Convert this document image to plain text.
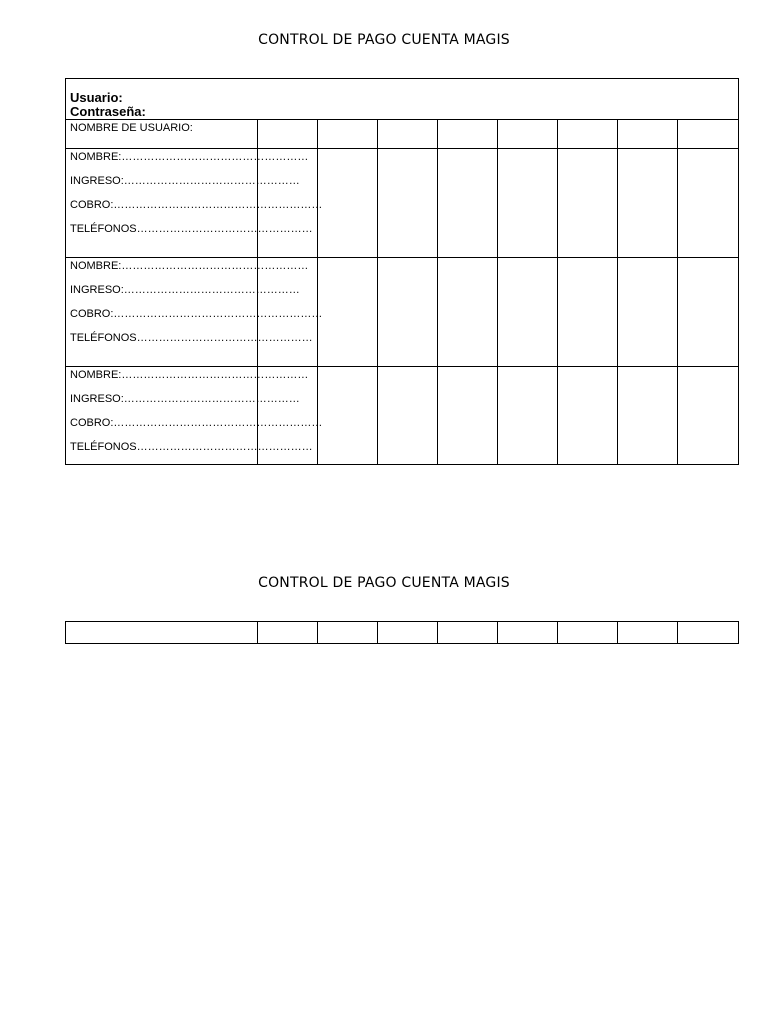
CONTROL DE PAGO CUENTA MAGIS
Usuario:
Contraseña:								

NOMBRE DE USUARIO:								

NOMBRE:……………………………………………
INGRESO:…………………………………………
COBRO:…………………………………………………
TELÉFONOS…………………………………………								

NOMBRE:……………………………………………
INGRESO:…………………………………………
COBRO:…………………………………………………
TELÉFONOS…………………………………………								

NOMBRE:……………………………………………
INGRESO:…………………………………………
COBRO:…………………………………………………
TELÉFONOS…………………………………………								

CONTROL DE PAGO CUENTA MAGIS
